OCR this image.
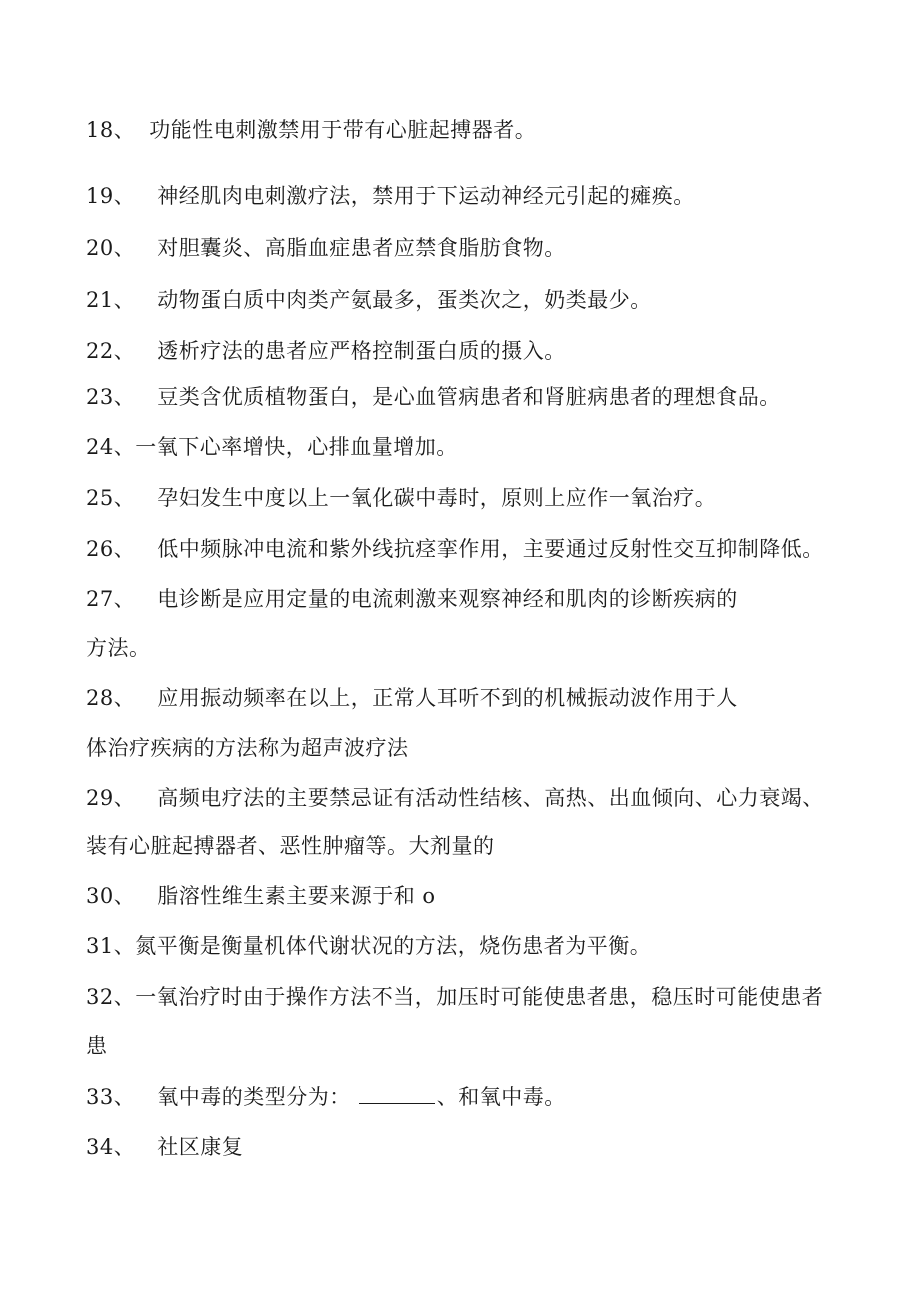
18、 功能性电刺激禁用于带有心脏起搏器者。
19、 神经肌肉电刺激疗法，禁用于下运动神经元引起的瘫痪。
20、 对胆囊炎、高脂血症患者应禁食脂肪食物。
21、 动物蛋白质中肉类产氨最多，蛋类次之，奶类最少。
22、 透析疗法的患者应严格控制蛋白质的摄入。
23、 豆类含优质植物蛋白，是心血管病患者和肾脏病患者的理想食品。
24、一氧下心率增快，心排血量增加。
25、 孕妇发生中度以上一氧化碳中毒时，原则上应作一氧治疗。
26、 低中频脉冲电流和紫外线抗痉挛作用，主要通过反射性交互抑制降低。
27、 电诊断是应用定量的电流刺激来观察神经和肌肉的诊断疾病的
方法。
28、 应用振动频率在以上，正常人耳听不到的机械振动波作用于人
体治疗疾病的方法称为超声波疗法
29、 高频电疗法的主要禁忌证有活动性结核、高热、出血倾向、心力衰竭、
装有心脏起搏器者、恶性肿瘤等。大剂量的
30、 脂溶性维生素主要来源于和 o
31、氮平衡是衡量机体代谢状况的方法，烧伤患者为平衡。
32、一氧治疗时由于操作方法不当，加压时可能使患者患，稳压时可能使患者
患
33、 氧中毒的类型分为：	、和氧中毒。
34、 社区康复
